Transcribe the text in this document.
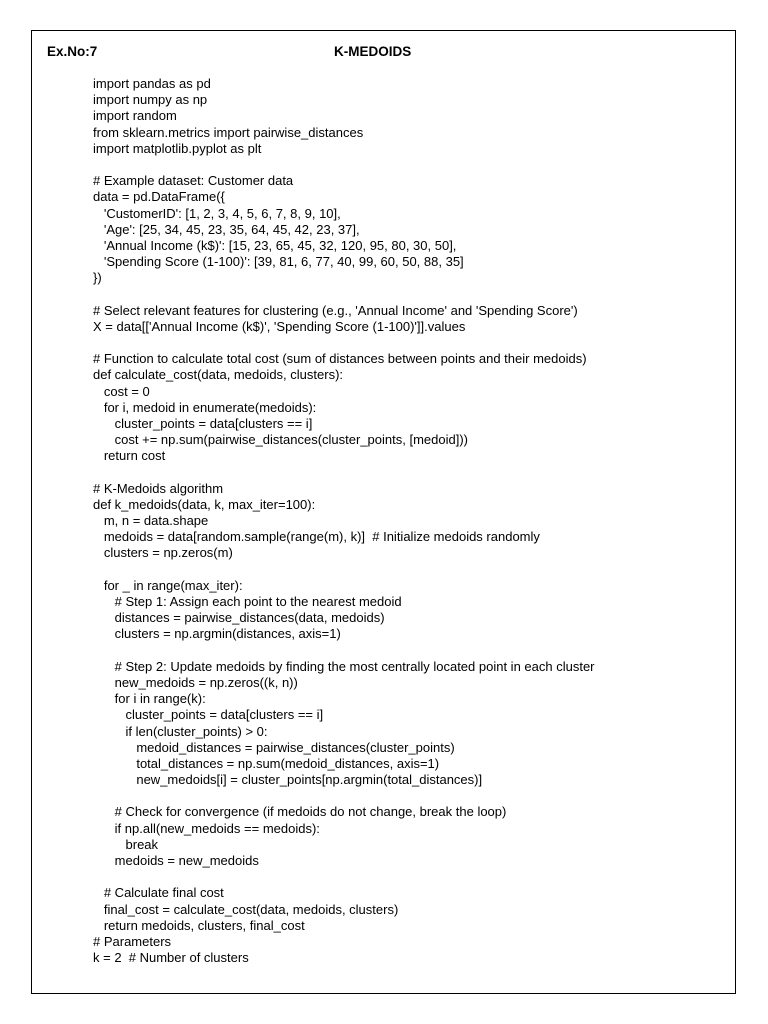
Ex.No:7	K-MEDOIDS
import pandas as pd
import numpy as np
import random
from sklearn.metrics import pairwise_distances
import matplotlib.pyplot as plt
# Example dataset: Customer data
data = pd.DataFrame({
'CustomerID': [1, 2, 3, 4, 5, 6, 7, 8, 9, 10],
'Age': [25, 34, 45, 23, 35, 64, 45, 42, 23, 37],
'Annual Income (k$)': [15, 23, 65, 45, 32, 120, 95, 80, 30, 50],
'Spending Score (1-100)': [39, 81, 6, 77, 40, 99, 60, 50, 88, 35]
})
# Select relevant features for clustering (e.g., 'Annual Income' and 'Spending Score')
X = data[['Annual Income (k$)', 'Spending Score (1-100)']].values
# Function to calculate total cost (sum of distances between points and their medoids)
def calculate_cost(data, medoids, clusters):
cost = 0
for i, medoid in enumerate(medoids):
cluster_points = data[clusters == i]
cost += np.sum(pairwise_distances(cluster_points, [medoid]))
return cost
# K-Medoids algorithm
def k_medoids(data, k, max_iter=100):
m, n = data.shape
medoids = data[random.sample(range(m), k)]  # Initialize medoids randomly
clusters = np.zeros(m)
for _ in range(max_iter):
# Step 1: Assign each point to the nearest medoid
distances = pairwise_distances(data, medoids)
clusters = np.argmin(distances, axis=1)
# Step 2: Update medoids by finding the most centrally located point in each cluster
new_medoids = np.zeros((k, n))
for i in range(k):
cluster_points = data[clusters == i]
if len(cluster_points) > 0:
medoid_distances = pairwise_distances(cluster_points)
total_distances = np.sum(medoid_distances, axis=1)
new_medoids[i] = cluster_points[np.argmin(total_distances)]
# Check for convergence (if medoids do not change, break the loop)
if np.all(new_medoids == medoids):
break
medoids = new_medoids
# Calculate final cost
final_cost = calculate_cost(data, medoids, clusters)
return medoids, clusters, final_cost
# Parameters
k = 2  # Number of clusters
